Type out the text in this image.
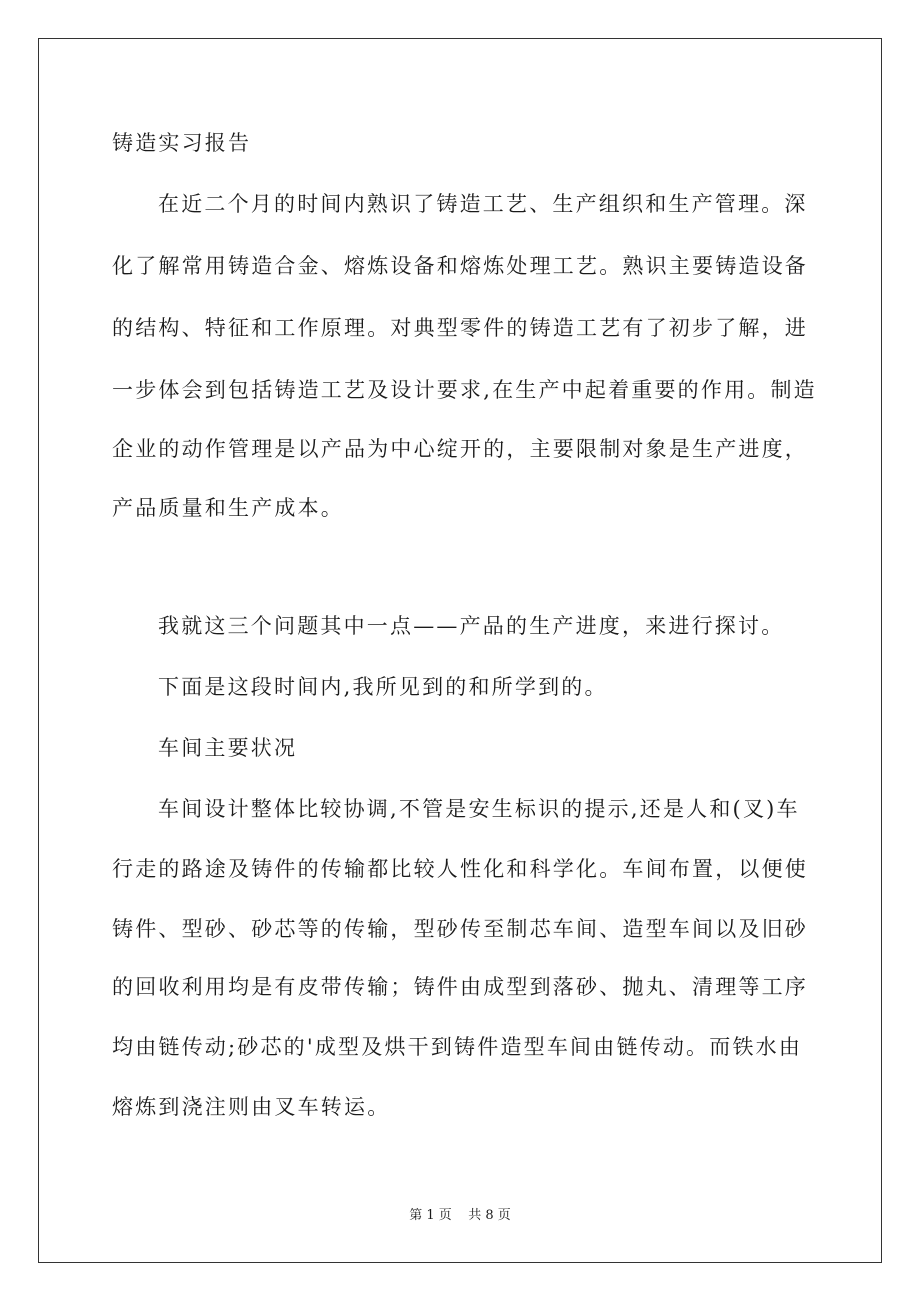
铸造实习报告
在近二个月的时间内熟识了铸造工艺、生产组织和生产管理。深
化了解常用铸造合金、熔炼设备和熔炼处理工艺。熟识主要铸造设备
的结构、特征和工作原理。对典型零件的铸造工艺有了初步了解，进
一步体会到包括铸造工艺及设计要求,在生产中起着重要的作用。制造
企业的动作管理是以产品为中心绽开的，主要限制对象是生产进度，
产品质量和生产成本。
我就这三个问题其中一点——产品的生产进度，来进行探讨。
下面是这段时间内,我所见到的和所学到的。
车间主要状况
车间设计整体比较协调,不管是安生标识的提示,还是人和(叉)车
行走的路途及铸件的传输都比较人性化和科学化。车间布置，以便使
铸件、型砂、砂芯等的传输，型砂传至制芯车间、造型车间以及旧砂
的回收利用均是有皮带传输；铸件由成型到落砂、抛丸、清理等工序
均由链传动;砂芯的'成型及烘干到铸件造型车间由链传动。而铁水由
熔炼到浇注则由叉车转运。
第 1 页    共 8 页
